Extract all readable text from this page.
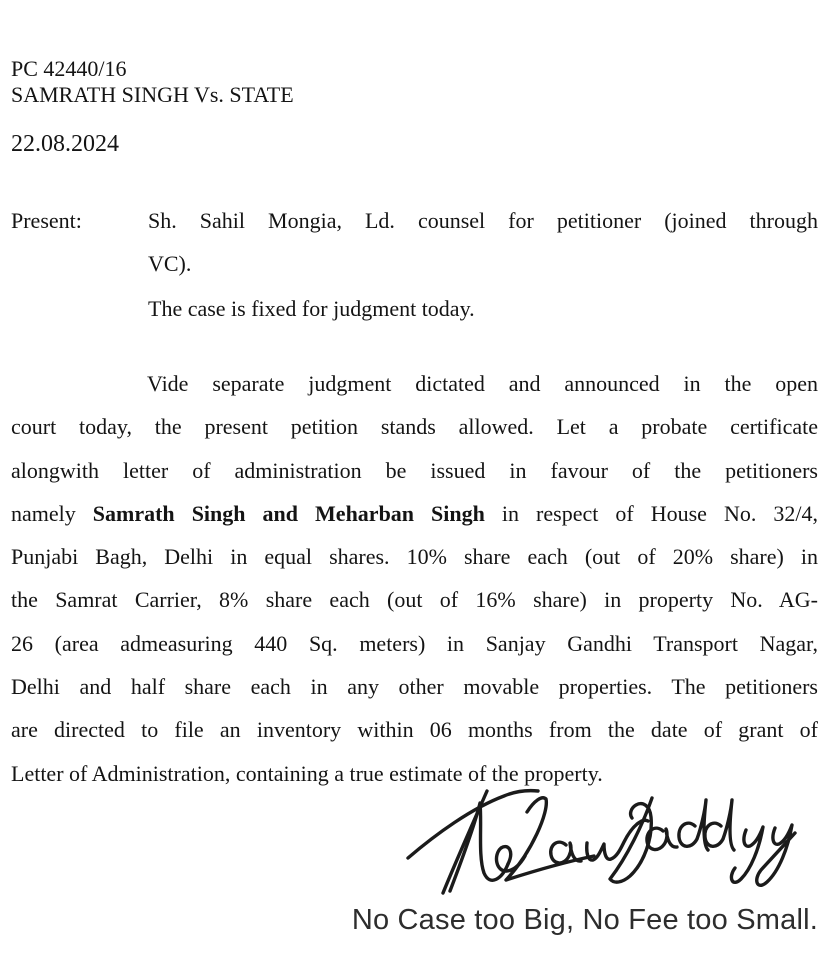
PC 42440/16
SAMRATH SINGH Vs. STATE
22.08.2024
Present:	Sh. Sahil Mongia, Ld. counsel for petitioner (joined through
VC).
The case is fixed for judgment today.
Vide separate judgment dictated and announced in the open
court today, the present petition stands allowed. Let a probate certificate
alongwith letter of administration be issued in favour of the petitioners
namely Samrath Singh and Meharban Singh in respect of House No. 32/4,
Punjabi Bagh, Delhi in equal shares. 10% share each (out of 20% share) in
the Samrat Carrier, 8% share each (out of 16% share) in property No. AG-
26 (area admeasuring 440 Sq. meters) in Sanjay Gandhi Transport Nagar,
Delhi and half share each in any other movable properties. The petitioners
are directed to file an inventory within 06 months from the date of grant of
Letter of Administration, containing a true estimate of the property.
No Case too Big, No Fee too Small.
